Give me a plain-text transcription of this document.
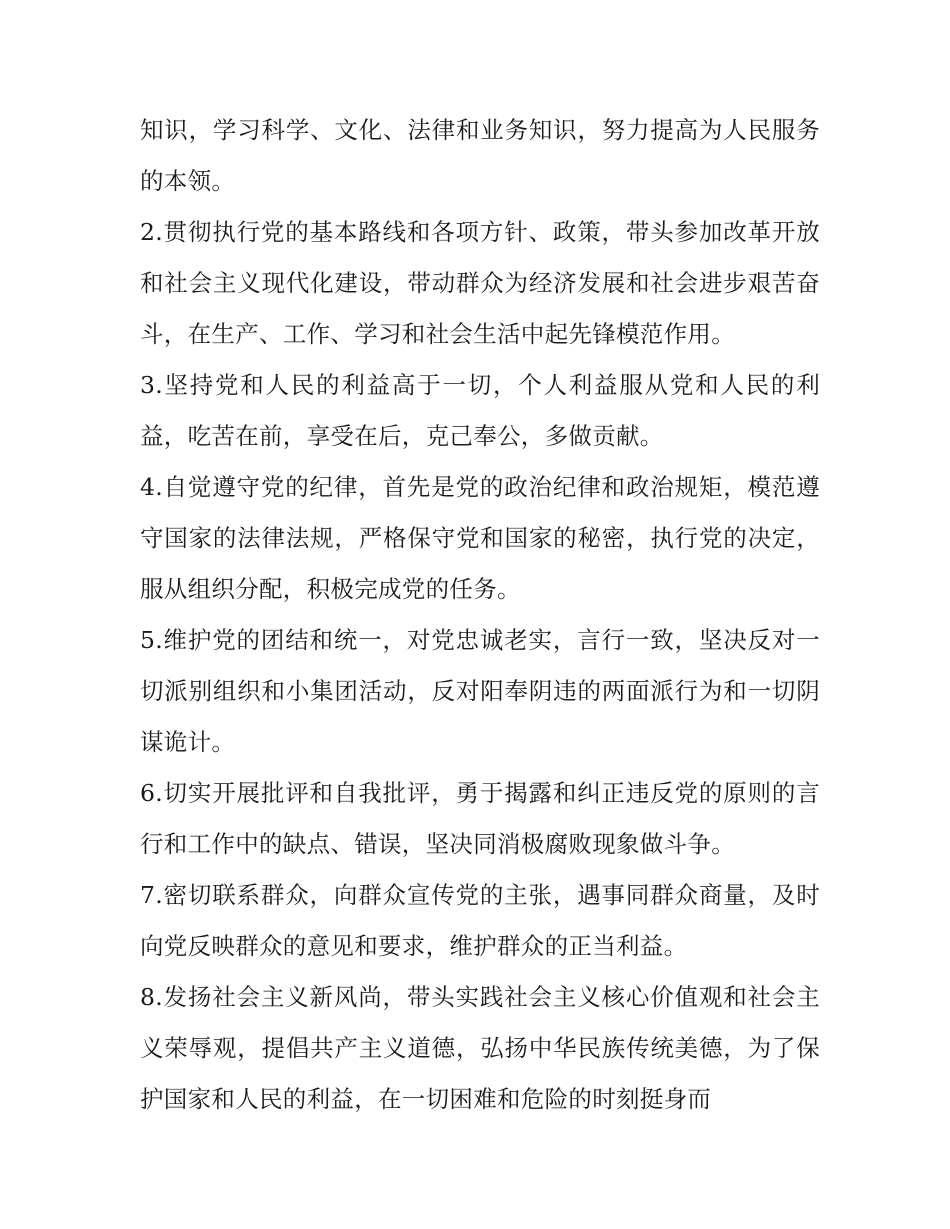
知识，学习科学、文化、法律和业务知识，努力提高为人民服务的本领。

2.贯彻执行党的基本路线和各项方针、政策，带头参加改革开放和社会主义现代化建设，带动群众为经济发展和社会进步艰苦奋斗，在生产、工作、学习和社会生活中起先锋模范作用。

3.坚持党和人民的利益高于一切，个人利益服从党和人民的利益，吃苦在前，享受在后，克己奉公，多做贡献。

4.自觉遵守党的纪律，首先是党的政治纪律和政治规矩，模范遵守国家的法律法规，严格保守党和国家的秘密，执行党的决定，服从组织分配，积极完成党的任务。

5.维护党的团结和统一，对党忠诚老实，言行一致，坚决反对一切派别组织和小集团活动，反对阳奉阴违的两面派行为和一切阴谋诡计。

6.切实开展批评和自我批评，勇于揭露和纠正违反党的原则的言行和工作中的缺点、错误，坚决同消极腐败现象做斗争。

7.密切联系群众，向群众宣传党的主张，遇事同群众商量，及时向党反映群众的意见和要求，维护群众的正当利益。

8.发扬社会主义新风尚，带头实践社会主义核心价值观和社会主义荣辱观，提倡共产主义道德，弘扬中华民族传统美德，为了保护国家和人民的利益，在一切困难和危险的时刻挺身而
